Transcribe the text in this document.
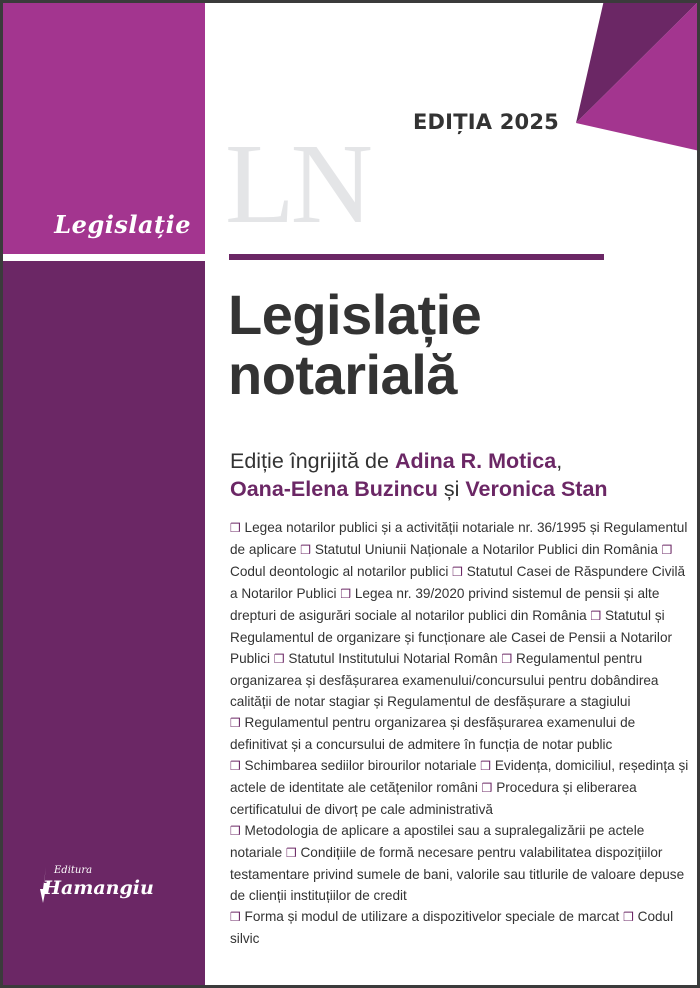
Legislație
Editura
Hamangiu
EDIȚIA 2025
LN
Legislație
notarială
Ediție îngrijită de Adina R. Motica,
Oana-Elena Buzincu și Veronica Stan
❒ Legea notarilor publici și a activității notariale nr. 36/1995 și Regulamentul de aplicare ❒ Statutul Uniunii Naționale a Notarilor Publici din România ❒ Codul deontologic al notarilor publici ❒ Statutul Casei de Răspundere Civilă a Notarilor Publici ❒ Legea nr. 39/2020 privind sistemul de pensii și alte drepturi de asigurări sociale al notarilor publici din România ❒ Statutul și Regulamentul de organizare și funcționare ale Casei de Pensii a Notarilor Publici ❒ Statutul Institutului Notarial Român ❒ Regulamentul pentru organizarea și desfășurarea examenului/concursului pentru dobândirea calității de notar stagiar și Regulamentul de desfășurare a stagiului
❒ Regulamentul pentru organizarea și desfășurarea examenului de definitivat și a concursului de admitere în funcția de notar public
❒ Schimbarea sediilor birourilor notariale ❒ Evidența, domiciliul, reședința și actele de identitate ale cetățenilor români ❒ Procedura și eliberarea certificatului de divorț pe cale administrativă
❒ Metodologia de aplicare a apostilei sau a supralegalizării pe actele notariale ❒ Condițiile de formă necesare pentru valabilitatea dispozițiilor testamentare privind sumele de bani, valorile sau titlurile de valoare depuse de clienții instituțiilor de credit
❒ Forma și modul de utilizare a dispozitivelor speciale de marcat ❒ Codul silvic
